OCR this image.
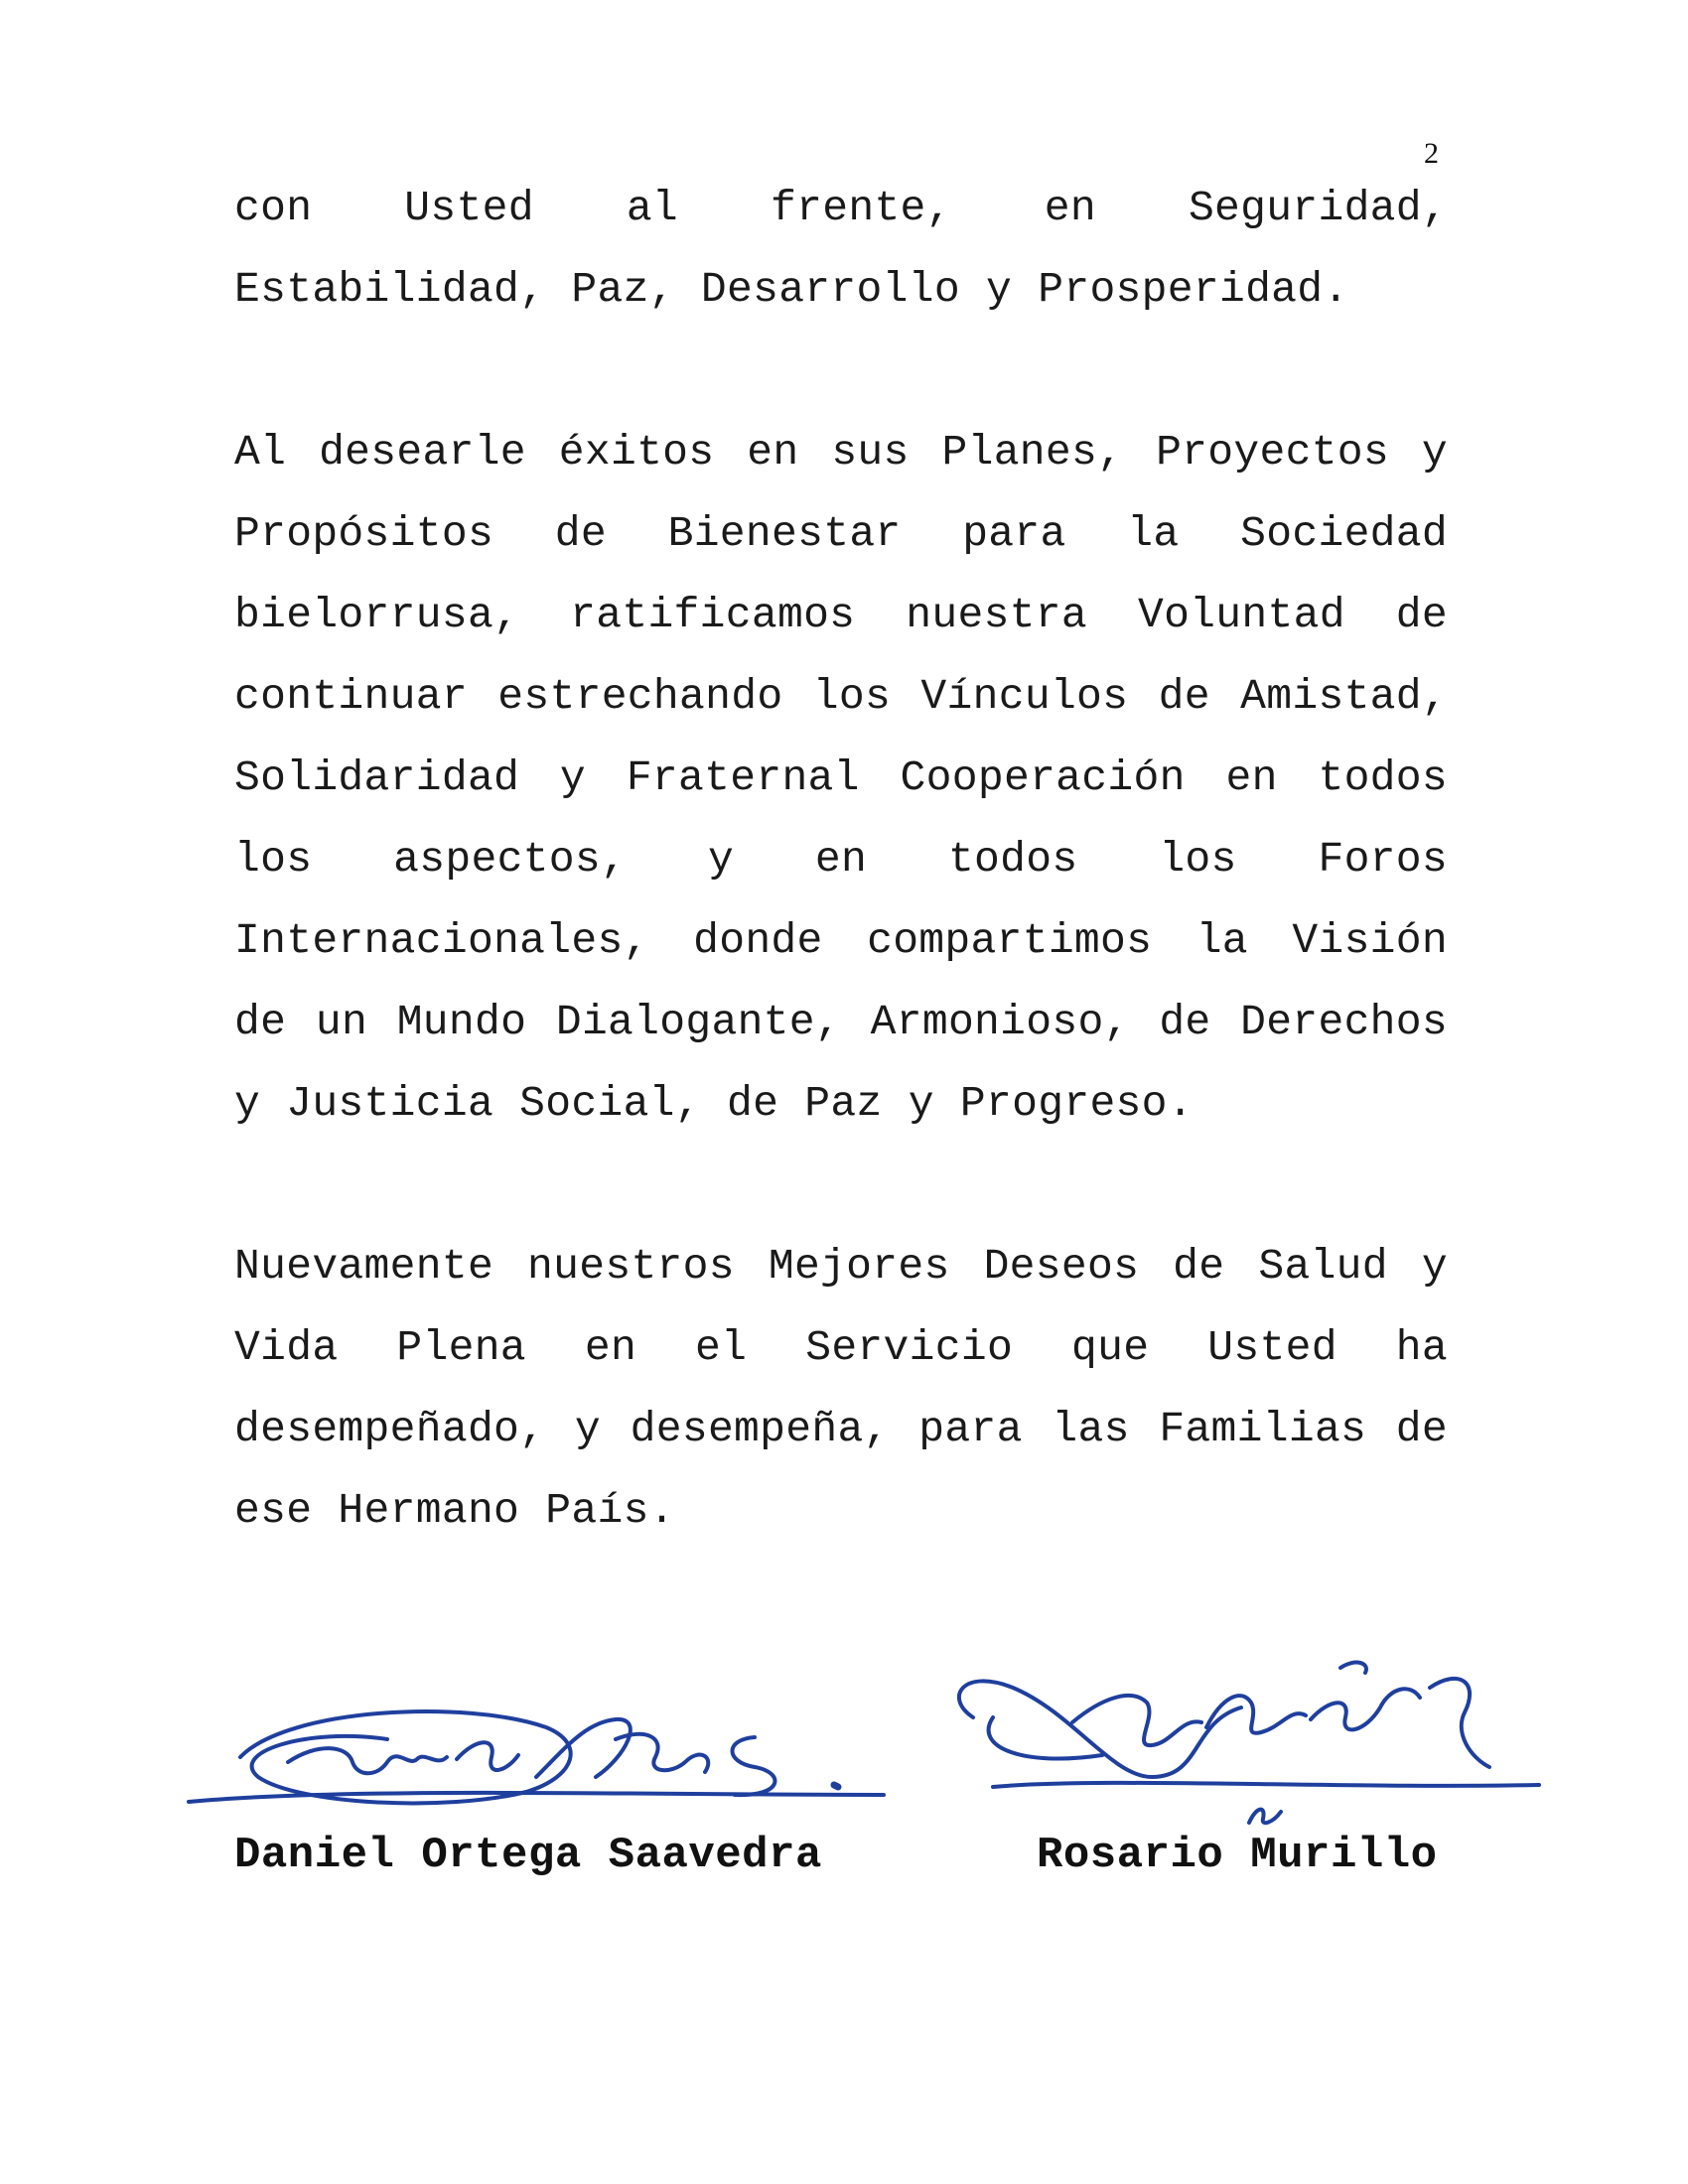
2

con Usted al frente, en Seguridad, Estabilidad, Paz, Desarrollo y Prosperidad.

Al desearle éxitos en sus Planes, Proyectos y Propósitos de Bienestar para la Sociedad bielorrusa, ratificamos nuestra Voluntad de continuar estrechando los Vínculos de Amistad, Solidaridad y Fraternal Cooperación en todos los aspectos, y en todos los Foros Internacionales, donde compartimos la Visión de un Mundo Dialogante, Armonioso, de Derechos y Justicia Social, de Paz y Progreso.

Nuevamente nuestros Mejores Deseos de Salud y Vida Plena en el Servicio que Usted ha desempeñado, y desempeña, para las Familias de ese Hermano País.

Daniel Ortega Saavedra	Rosario Murillo
